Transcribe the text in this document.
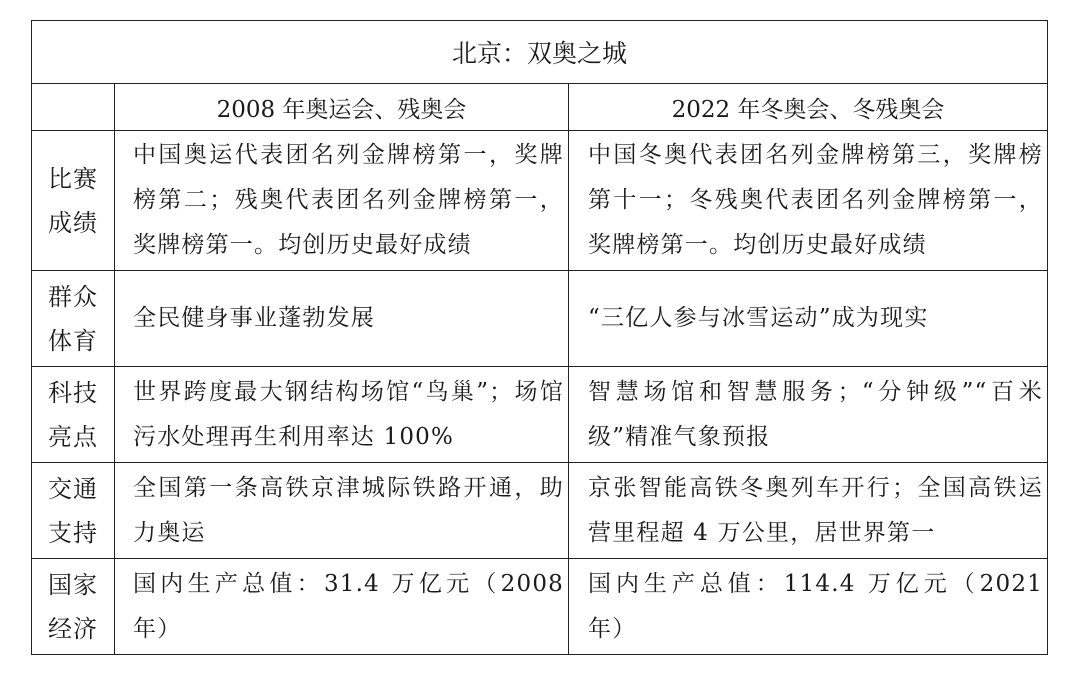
北京：双奥之城		
	2008 年奥运会、残奥会	2022 年冬奥会、冬残奥会

比赛
成绩	中国奥运代表团名列金牌榜第一，奖牌榜第二；残奥代表团名列金牌榜第一，奖牌榜第一。均创历史最好成绩	中国冬奥代表团名列金牌榜第三，奖牌榜第十一；冬残奥代表团名列金牌榜第一，奖牌榜第一。均创历史最好成绩

群众
体育	全民健身事业蓬勃发展	“三亿人参与冰雪运动”成为现实

科技
亮点	世界跨度最大钢结构场馆“鸟巢”；场馆污水处理再生利用率达 100%	智慧场馆和智慧服务；“分钟级”“百米级”精准气象预报

交通
支持	全国第一条高铁京津城际铁路开通，助力奥运	京张智能高铁冬奥列车开行；全国高铁运营里程超 4 万公里，居世界第一

国家
经济	国内生产总值：31.4 万亿元（2008 年）	国内生产总值：114.4 万亿元（2021 年）
